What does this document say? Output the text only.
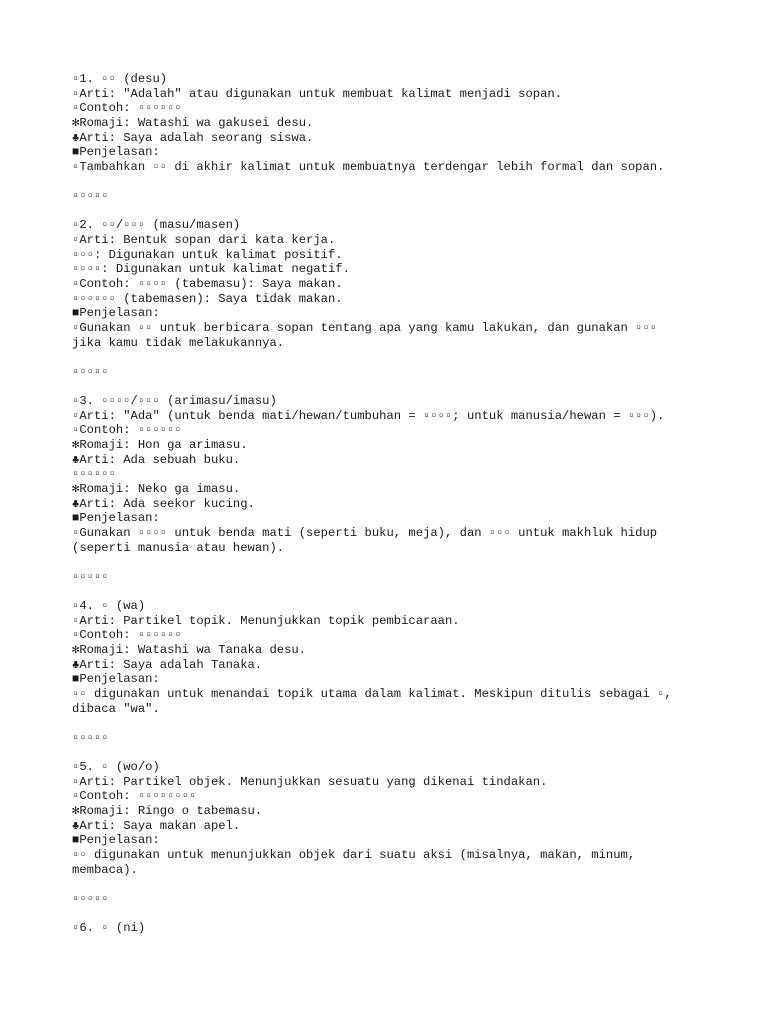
▫1. ▫▫ (desu)
▫Arti: "Adalah" atau digunakan untuk membuat kalimat menjadi sopan.
▫Contoh: ▫▫▫▫▫▫
✻Romaji: Watashi wa gakusei desu.
♣Arti: Saya adalah seorang siswa.
■Penjelasan:
▫Tambahkan ▫▫ di akhir kalimat untuk membuatnya terdengar lebih formal dan sopan.
▫▫▫▫▫
▫2. ▫▫/▫▫▫ (masu/masen)
▫Arti: Bentuk sopan dari kata kerja.
▫▫▫: Digunakan untuk kalimat positif.
▫▫▫▫: Digunakan untuk kalimat negatif.
▫Contoh: ▫▫▫▫ (tabemasu): Saya makan.
▫▫▫▫▫▫ (tabemasen): Saya tidak makan.
■Penjelasan:
▫Gunakan ▫▫ untuk berbicara sopan tentang apa yang kamu lakukan, dan gunakan ▫▫▫
jika kamu tidak melakukannya.
▫▫▫▫▫
▫3. ▫▫▫▫/▫▫▫ (arimasu/imasu)
▫Arti: "Ada" (untuk benda mati/hewan/tumbuhan = ▫▫▫▫; untuk manusia/hewan = ▫▫▫).
▫Contoh: ▫▫▫▫▫▫
✻Romaji: Hon ga arimasu.
♣Arti: Ada sebuah buku.
▫▫▫▫▫▫
✻Romaji: Neko ga imasu.
♣Arti: Ada seekor kucing.
■Penjelasan:
▫Gunakan ▫▫▫▫ untuk benda mati (seperti buku, meja), dan ▫▫▫ untuk makhluk hidup
(seperti manusia atau hewan).
▫▫▫▫▫
▫4. ▫ (wa)
▫Arti: Partikel topik. Menunjukkan topik pembicaraan.
▫Contoh: ▫▫▫▫▫▫
✻Romaji: Watashi wa Tanaka desu.
♣Arti: Saya adalah Tanaka.
■Penjelasan:
▫▫ digunakan untuk menandai topik utama dalam kalimat. Meskipun ditulis sebagai ▫,
dibaca "wa".
▫▫▫▫▫
▫5. ▫ (wo/o)
▫Arti: Partikel objek. Menunjukkan sesuatu yang dikenai tindakan.
▫Contoh: ▫▫▫▫▫▫▫▫
✻Romaji: Ringo o tabemasu.
♣Arti: Saya makan apel.
■Penjelasan:
▫▫ digunakan untuk menunjukkan objek dari suatu aksi (misalnya, makan, minum,
membaca).
▫▫▫▫▫
▫6. ▫ (ni)
